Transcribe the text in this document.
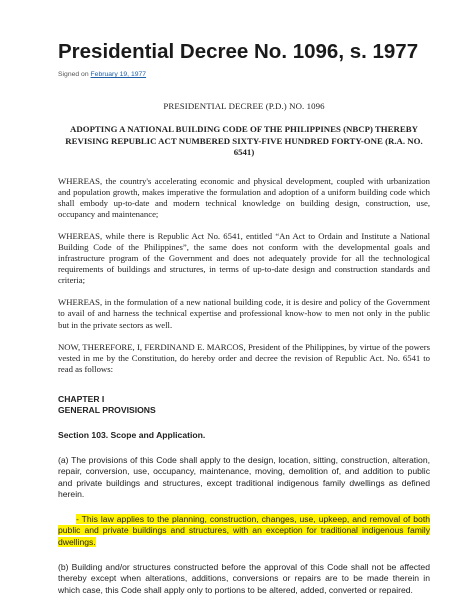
Presidential Decree No. 1096, s. 1977
Signed on February 19, 1977
PRESIDENTIAL DECREE (P.D.) NO. 1096
ADOPTING A NATIONAL BUILDING CODE OF THE PHILIPPINES (NBCP) THEREBY REVISING REPUBLIC ACT NUMBERED SIXTY-FIVE HUNDRED FORTY-ONE (R.A. NO. 6541)

WHEREAS, the country's accelerating economic and physical development, coupled with urbanization and population growth, makes imperative the formulation and adoption of a uniform building code which shall embody up-to-date and modern technical knowledge on building design, construction, use, occupancy and maintenance;

WHEREAS, while there is Republic Act No. 6541, entitled “An Act to Ordain and Institute a National Building Code of the Philippines”, the same does not conform with the developmental goals and infrastructure program of the Government and does not adequately provide for all the technological requirements of buildings and structures, in terms of up-to-date design and construction standards and criteria;

WHEREAS, in the formulation of a new national building code, it is desire and policy of the Government to avail of and harness the technical expertise and professional know-how to men not only in the public but in the private sectors as well.

NOW, THEREFORE, I, FERDINAND E. MARCOS, President of the Philippines, by virtue of the powers vested in me by the Constitution, do hereby order and decree the revision of Republic Act. No. 6541 to read as follows:

CHAPTER I
GENERAL PROVISIONS
Section 103. Scope and Application.

(a) The provisions of this Code shall apply to the design, location, sitting, construction, alteration, repair, conversion, use, occupancy, maintenance, moving, demolition of, and addition to public and private buildings and structures, except traditional indigenous family dwellings as defined herein.

- This law applies to the planning, construction, changes, use, upkeep, and removal of both public and private buildings and structures, with an exception for traditional indigenous family dwellings.

(b) Building and/or structures constructed before the approval of this Code shall not be affected thereby except when alterations, additions, conversions or repairs are to be made therein in which case, this Code shall apply only to portions to be altered, added, converted or repaired.
